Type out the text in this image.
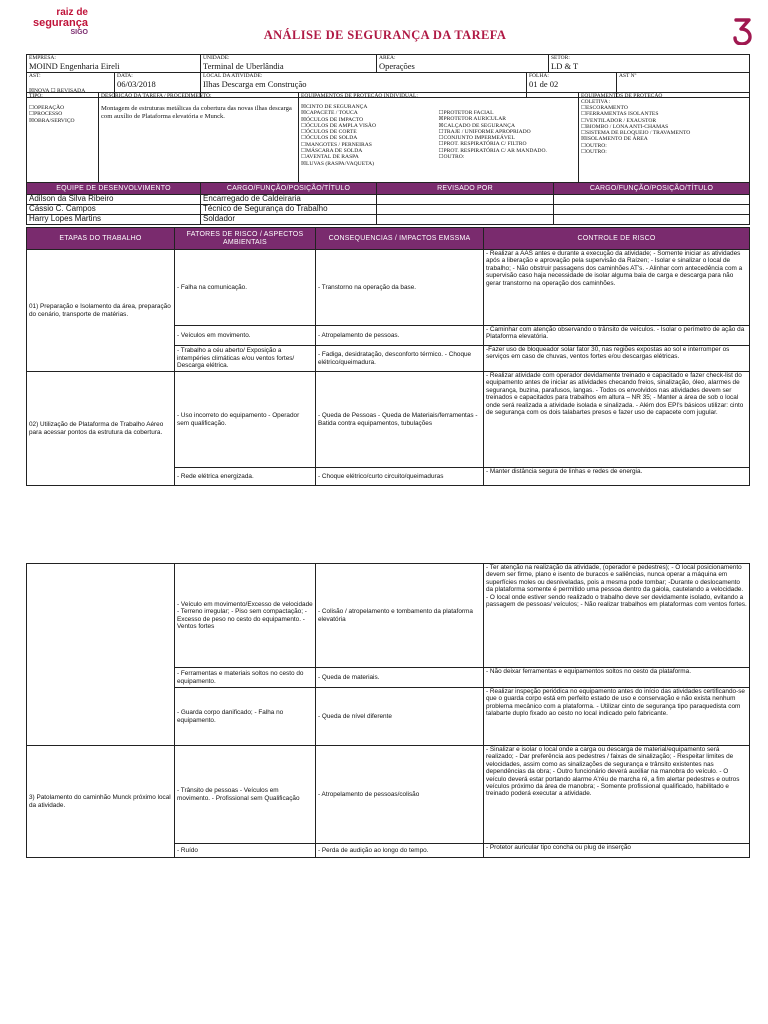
raiz de
segurança
SIGO	ANÁLISE DE SEGURANÇA DA TAREFA
EMPRESA:
MOIND Engenharia Eireli

UNIDADE:
Terminal de Uberlândia

AREA:
Operações

SETOR:
LD & T
AST:
☒NOVA ☐ REVISADA	
DATA:
06/03/2018

LOCAL DA ATIVIDADE:
Ilhas Descarga em Construção

FOLHA:
01 de 02

AST Nº
TIPO:
☐OPERAÇÃO
☐PROCESSO
☒OBRA/SERVIÇO

DESCRIÇÃO DA TAREFA / PROCEDIMENTO:
Montagem de estruturas metálicas da cobertura das novas ilhas descarga com auxílio de Plataforma elevatória e Munck.

EQUIPAMENTOS DE PROTEÇÃO INDIVIDUAL:
☒CINTO DE SEGURANÇA
☒CAPACETE / TOUCA
☒ÓCULOS DE IMPACTO
☐ÓCULOS DE AMPLA VISÃO
☐ÓCULOS DE CORTE
☐ÓCULOS DE SOLDA
☐MANGOTES / PERNEIRAS
☐MÁSCARA DE SOLDA
☐AVENTAL DE RASPA
☒LUVAS (RASPA/VAQUETA)
☐PROTETOR FACIAL
☒PROTETOR AURICULAR
☒CALÇADO DE SEGURANÇA
☐TRAJE / UNIFORME APROPRIADO
☐CONJUNTO IMPERMEÁVEL
☐PROT. RESPIRATÓRIA C/ FILTRO
☐PROT. RESPIRATÓRIA C/ AR MANDADO.
☐OUTRO:

EQUIPAMENTOS DE PROTEÇÃO COLETIVA :
☐ESCORAMENTO
☐FERRAMENTAS ISOLANTES
☐VENTILADOR / EXAUSTOR
☐BIOMBO / LONA ANTI-CHAMAS
☐SISTEMA DE BLOQUEIO / TRAVAMENTO
☒ISOLAMENTO DE ÁREA
☐OUTRO:
☐OUTRO:
EQUIPE DE DESENVOLVIMENTO	CARGO/FUNÇÃO/POSIÇÃO/TÍTULO	REVISADO POR	CARGO/FUNÇÃO/POSIÇÃO/TÍTULO
Adilson da Silva Ribeiro	Encarregado de Caldeiraria		
Cássio C. Campos	Técnico de Segurança do Trabalho		
Harry Lopes Martins	Soldador		
ETAPAS DO TRABALHO	FATORES DE RISCO / ASPECTOS AMBIENTAIS	CONSEQUENCIAS / IMPACTOS EMSSMA	CONTROLE DE RISCO
01) Preparação e Isolamento da área, preparação do cenário, transporte de matérias.	- Falha na comunicação.	- Transtorno na operação da base.	- Realizar a AAS antes e durante a execução da atividade; - Somente iniciar as atividades após a liberação e aprovação pela supervisão da Raízen; - Isolar e sinalizar o local de trabalho; - Não obstruir passagens dos caminhões AT's. - Alinhar com antecedência com a supervisão caso haja necessidade de isolar alguma baia de carga e descarga para não gerar transtorno na operação dos caminhões.
	- Veículos em movimento.	- Atropelamento de pessoas.	- Caminhar com atenção observando o trânsito de veículos. - Isolar o perímetro de ação da Plataforma elevatória.
	- Trabalho a céu aberto/ Exposição a intempéries climáticas e/ou ventos fortes/ Descarga elétrica.	- Fadiga, desidratação, desconforto térmico. - Choque elétrico/queimadura.	-Fazer uso de bloqueador solar fator 30, nas regiões expostas ao sol e interromper os serviços em caso de chuvas, ventos fortes e/ou descargas elétricas.
02) Utilização de Plataforma de Trabalho Aéreo para acessar pontos da estrutura da cobertura.	- Uso incorreto do equipamento - Operador sem qualificação.	- Queda de Pessoas - Queda de Materiais/ferramentas - Batida contra equipamentos, tubulações	- Realizar atividade com operador devidamente treinado e capacitado e fazer check-list do equipamento antes de iniciar as atividades checando freios, sinalização, óleo, alarmes de segurança, buzina, parafusos, langas. - Todos os envolvidos nas atividades devem ser treinados e capacitados para trabalhos em altura – NR 35; - Manter a área de sob o local onde será realizada a atividade isolada e sinalizada. - Além dos EPI's básicos utilizar: cinto de segurança com os dois talabartes presos e fazer uso de capacete com jugular.
	- Rede elétrica energizada.	- Choque elétrico/curto circuito/queimaduras	- Manter distância segura de linhas e redes de energia.
	- Veículo em movimento/Excesso de velocidade - Terreno irregular; - Piso sem compactação; - Excesso de peso no cesto do equipamento. - Ventos fortes	- Colisão / atropelamento e tombamento da plataforma elevatória	- Ter atenção na realização da atividade, (operador e pedestres); - O local posicionamento devem ser firme, plano e isento de buracos e saliências, nunca operar a máquina em superfícies moles ou desniveladas, pois a mesma pode tombar; -Durante o deslocamento da plataforma somente é permitido uma pessoa dentro da gaiola, cautelando a velocidade. - O local onde estiver sendo realizado o trabalho deve ser devidamente isolado, evitando a passagem de pessoas/ veículos; - Não realizar trabalhos em plataformas com ventos fortes.
	- Ferramentas e materiais soltos no cesto do equipamento.	- Queda de materiais.	- Não deixar ferramentas e equipamentos soltos no cesto da plataforma.
	- Guarda corpo danificado; - Falha no equipamento.	- Queda de nível diferente	- Realizar inspeção periódica no equipamento antes do início das atividades certificando-se que o guarda corpo está em perfeito estado de uso e conservação e não exista nenhum problema mecânico com a plataforma. - Utilizar cinto de segurança tipo paraquedista com talabarte duplo fixado ao cesto no local indicado pelo fabricante.
3) Patolamento do caminhão Munck próximo local da atividade.	- Trânsito de pessoas - Veículos em movimento. - Profissional sem Qualificação	- Atropelamento de pessoas/colisão	- Sinalizar e isolar o local onde a carga ou descarga de material/equipamento será realizado; - Dar preferência aos pedestres / faixas de sinalização; - Respeitar limites de velocidades, assim como as sinalizações de segurança e trânsito existentes nas dependências da obra; - Outro funcionário deverá auxiliar na manobra do veículo. - O veículo deverá estar portando alarme A'réu de marcha ré, a fim alertar pedestres e outros veículos próximo da área de manobra; - Somente profissional qualificado, habilitado e treinado poderá executar a atividade.
	- Ruído	- Perda de audição ao longo do tempo.	- Protetor auricular tipo concha ou plug de inserção
